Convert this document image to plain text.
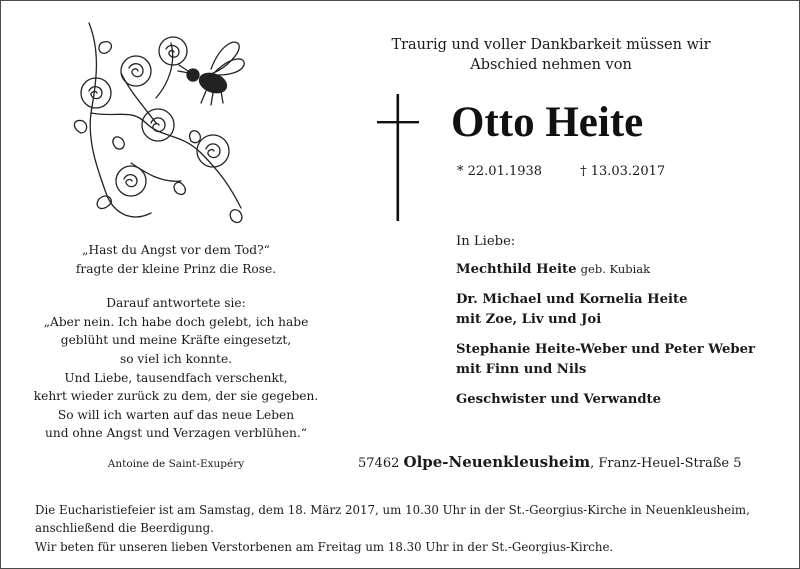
Traurig und voller Dankbarkeit müssen wir
Abschied nehmen von
Otto Heite
* 22.01.1938	† 13.03.2017
„Hast du Angst vor dem Tod?“
fragte der kleine Prinz die Rose.
Darauf antwortete sie:
„Aber nein. Ich habe doch gelebt, ich habe
geblüht und meine Kräfte eingesetzt,
so viel ich konnte.
Und Liebe, tausendfach verschenkt,
kehrt wieder zurück zu dem, der sie gegeben.
So will ich warten auf das neue Leben
und ohne Angst und Verzagen verblühen.“
Antoine de Saint-Exupéry
In Liebe:
Mechthild Heite geb. Kubiak
Dr. Michael und Kornelia Heite
mit Zoe, Liv und Joi
Stephanie Heite-Weber und Peter Weber
mit Finn und Nils
Geschwister und Verwandte
57462 Olpe-Neuenkleusheim, Franz-Heuel-Straße 5
Die Eucharistiefeier ist am Samstag, dem 18. März 2017, um 10.30 Uhr in der St.-Georgius-Kirche in Neuenkleusheim,
anschließend die Beerdigung.
Wir beten für unseren lieben Verstorbenen am Freitag um 18.30 Uhr in der St.-Georgius-Kirche.
